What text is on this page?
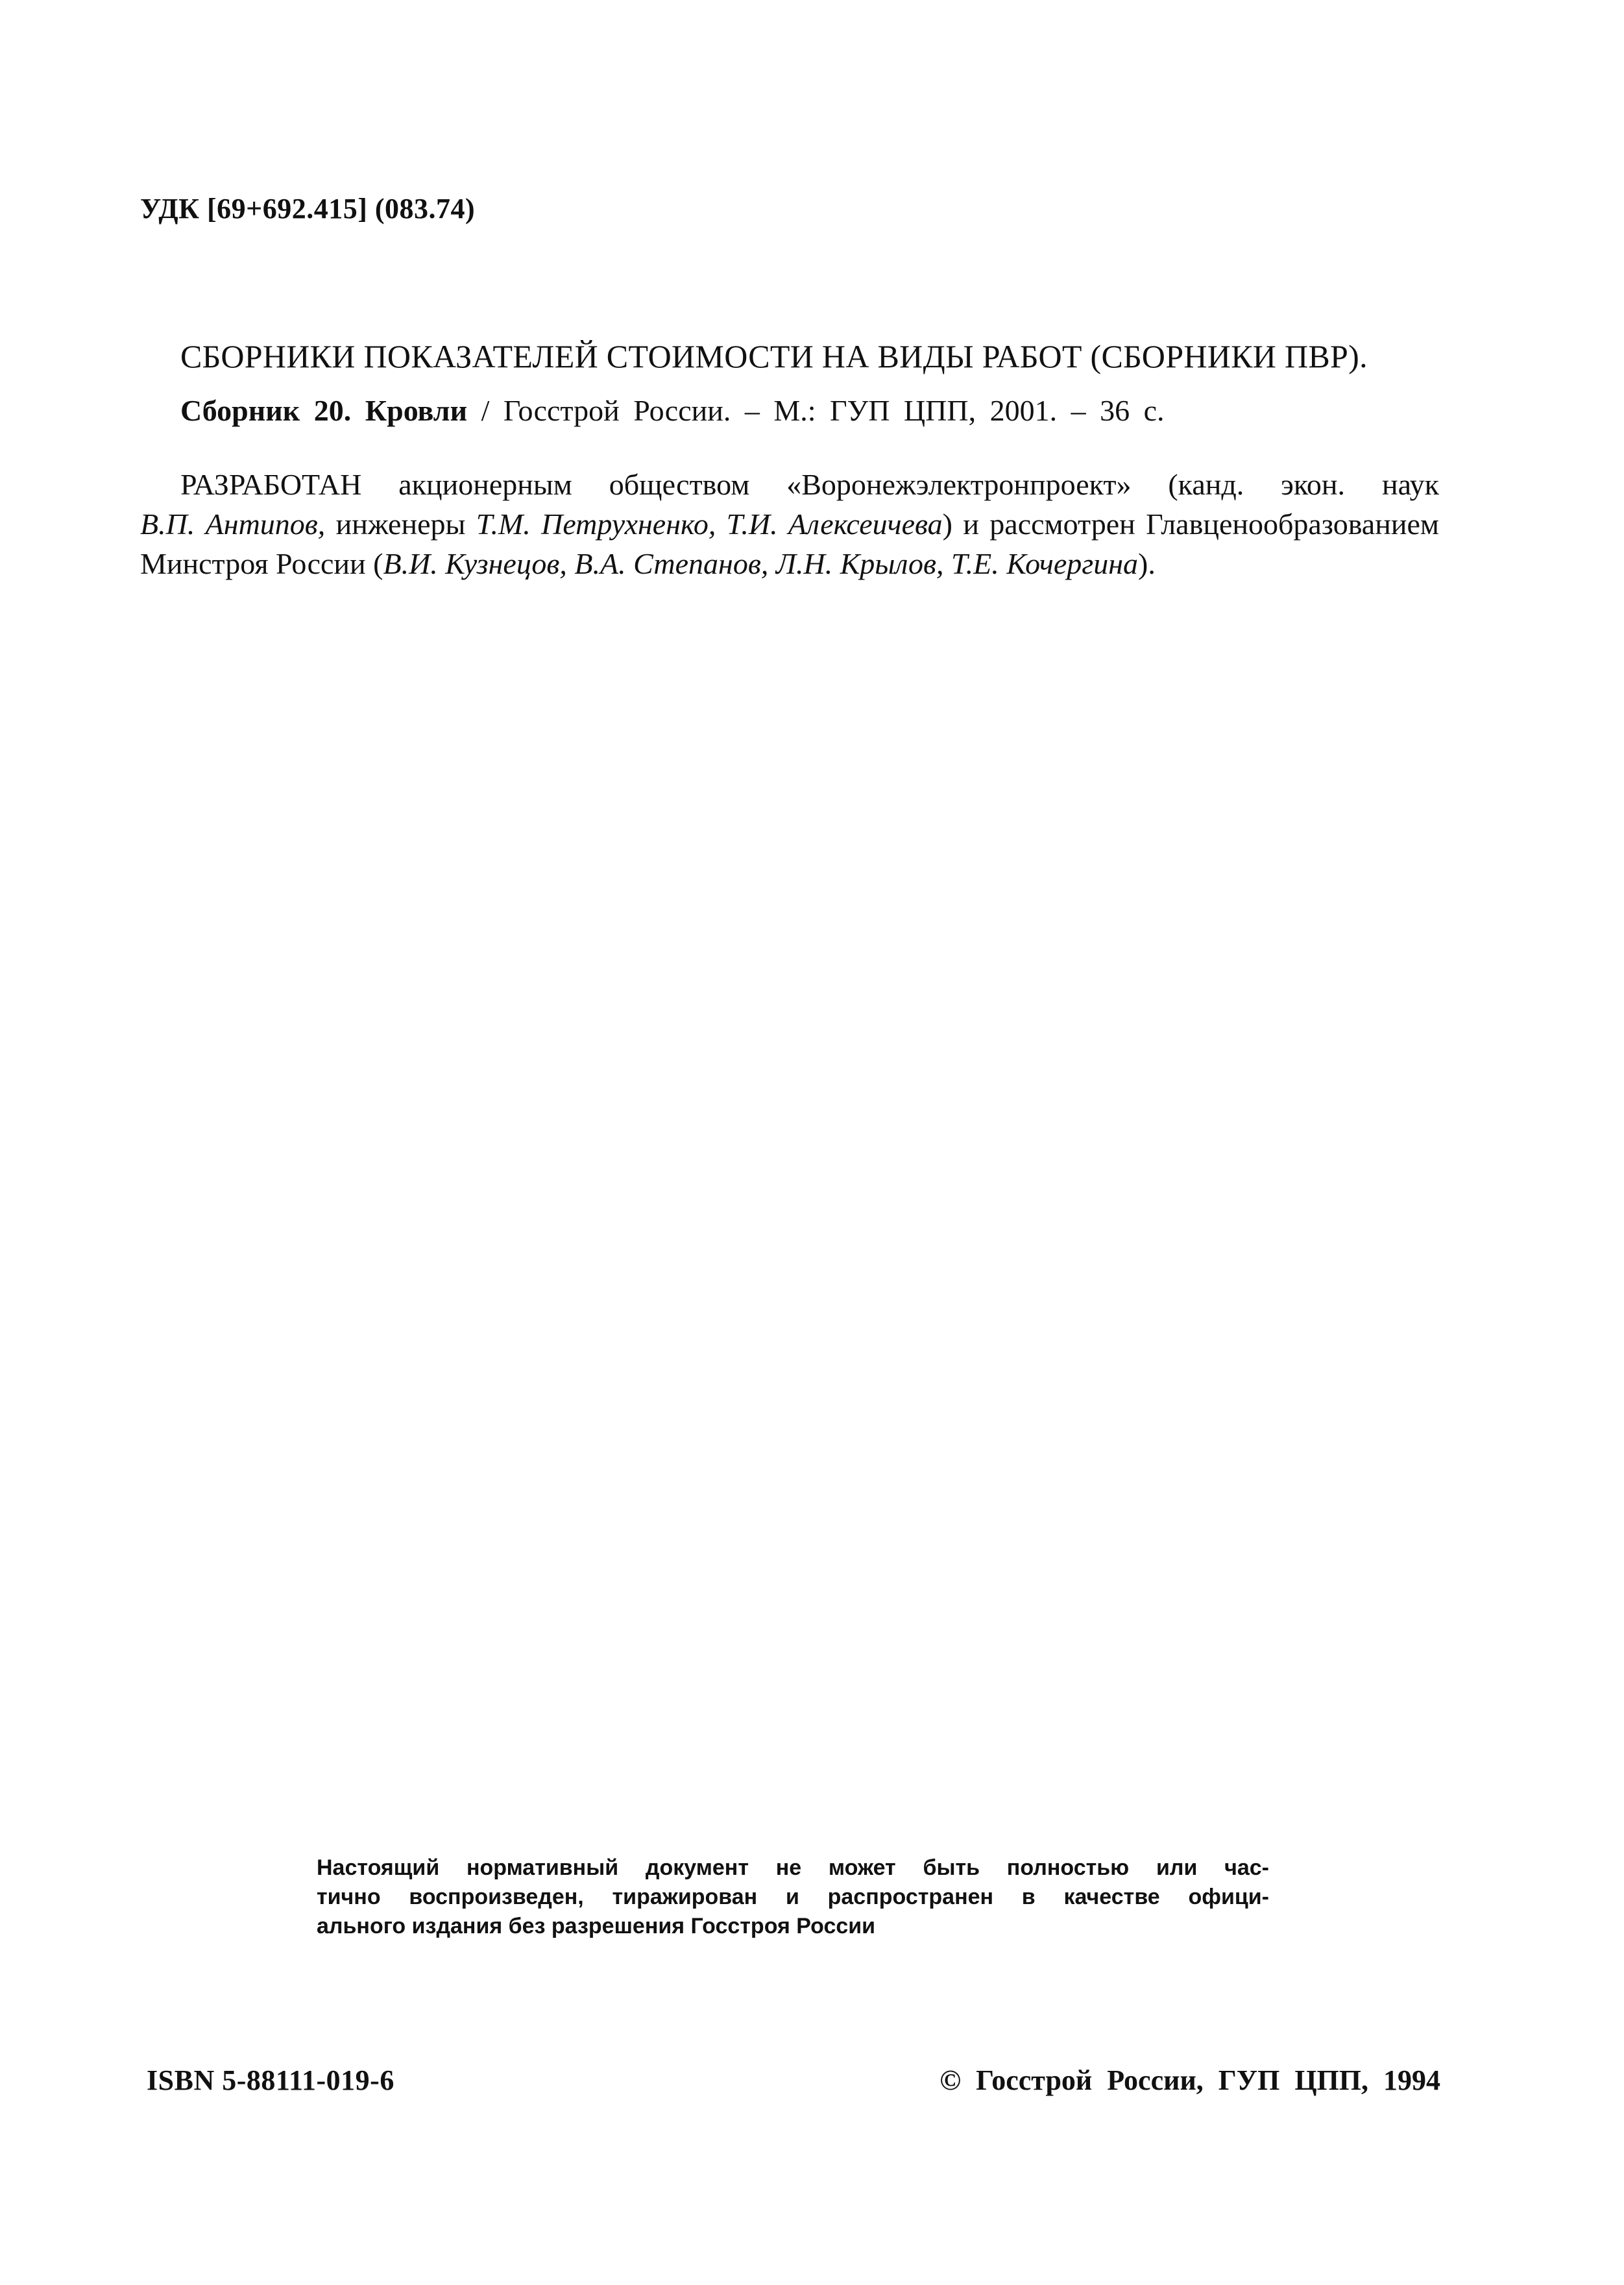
УДК [69+692.415] (083.74)
СБОРНИКИ ПОКАЗАТЕЛЕЙ СТОИМОСТИ НА ВИДЫ РАБОТ (СБОРНИКИ ПВР).
Сборник 20. Кровли / Госстрой России. – М.: ГУП ЦПП, 2001. – 36 с.
РАЗРАБОТАН акционерным обществом «Воронежэлектронпроект» (канд. экон. наук
В.П. Антипов, инженеры Т.М. Петрухненко, Т.И. Алексеичева) и рассмотрен Главценообразованием
Минстроя России (В.И. Кузнецов, В.А. Степанов, Л.Н. Крылов, Т.Е. Кочергина).
Настоящий нормативный документ не может быть полностью или час-
тично воспроизведен, тиражирован и распространен в качестве офици-
ального издания без разрешения Госстроя России
ISBN 5-88111-019-6	© Госстрой России, ГУП ЦПП, 1994
